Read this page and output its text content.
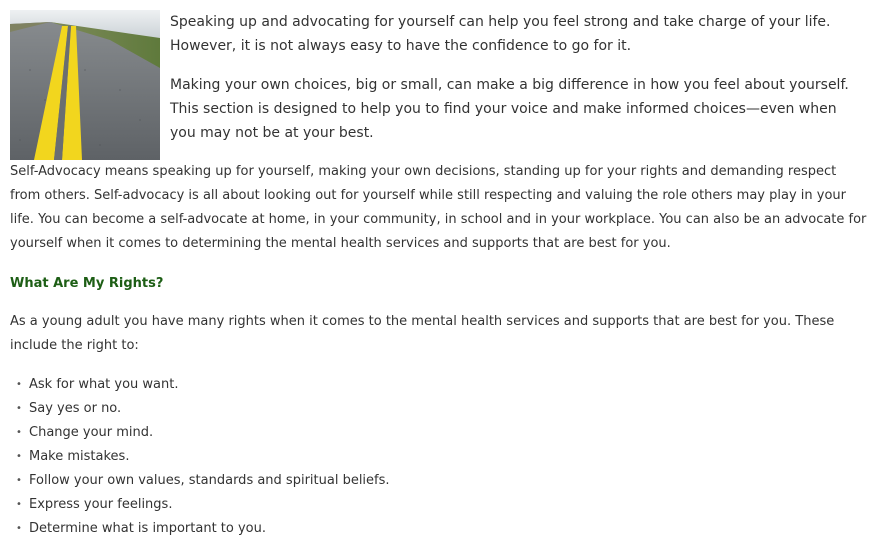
Speaking up and advocating for yourself can help you feel strong and take charge of your life. However, it is not always easy to have the confidence to go for it.

Making your own choices, big or small, can make a big difference in how you feel about yourself. This section is designed to help you to find your voice and make informed choices—even when you may not be at your best.

Self-Advocacy means speaking up for yourself, making your own decisions, standing up for your rights and demanding respect from others. Self-advocacy is all about looking out for yourself while still respecting and valuing the role others may play in your life. You can become a self-advocate at home, in your community, in school and in your workplace. You can also be an advocate for yourself when it comes to determining the mental health services and supports that are best for you.

What Are My Rights?
As a young adult you have many rights when it comes to the mental health services and supports that are best for you. These include the right to:
• Ask for what you want.
• Say yes or no.
• Change your mind.
• Make mistakes.
• Follow your own values, standards and spiritual beliefs.
• Express your feelings.
• Determine what is important to you.
